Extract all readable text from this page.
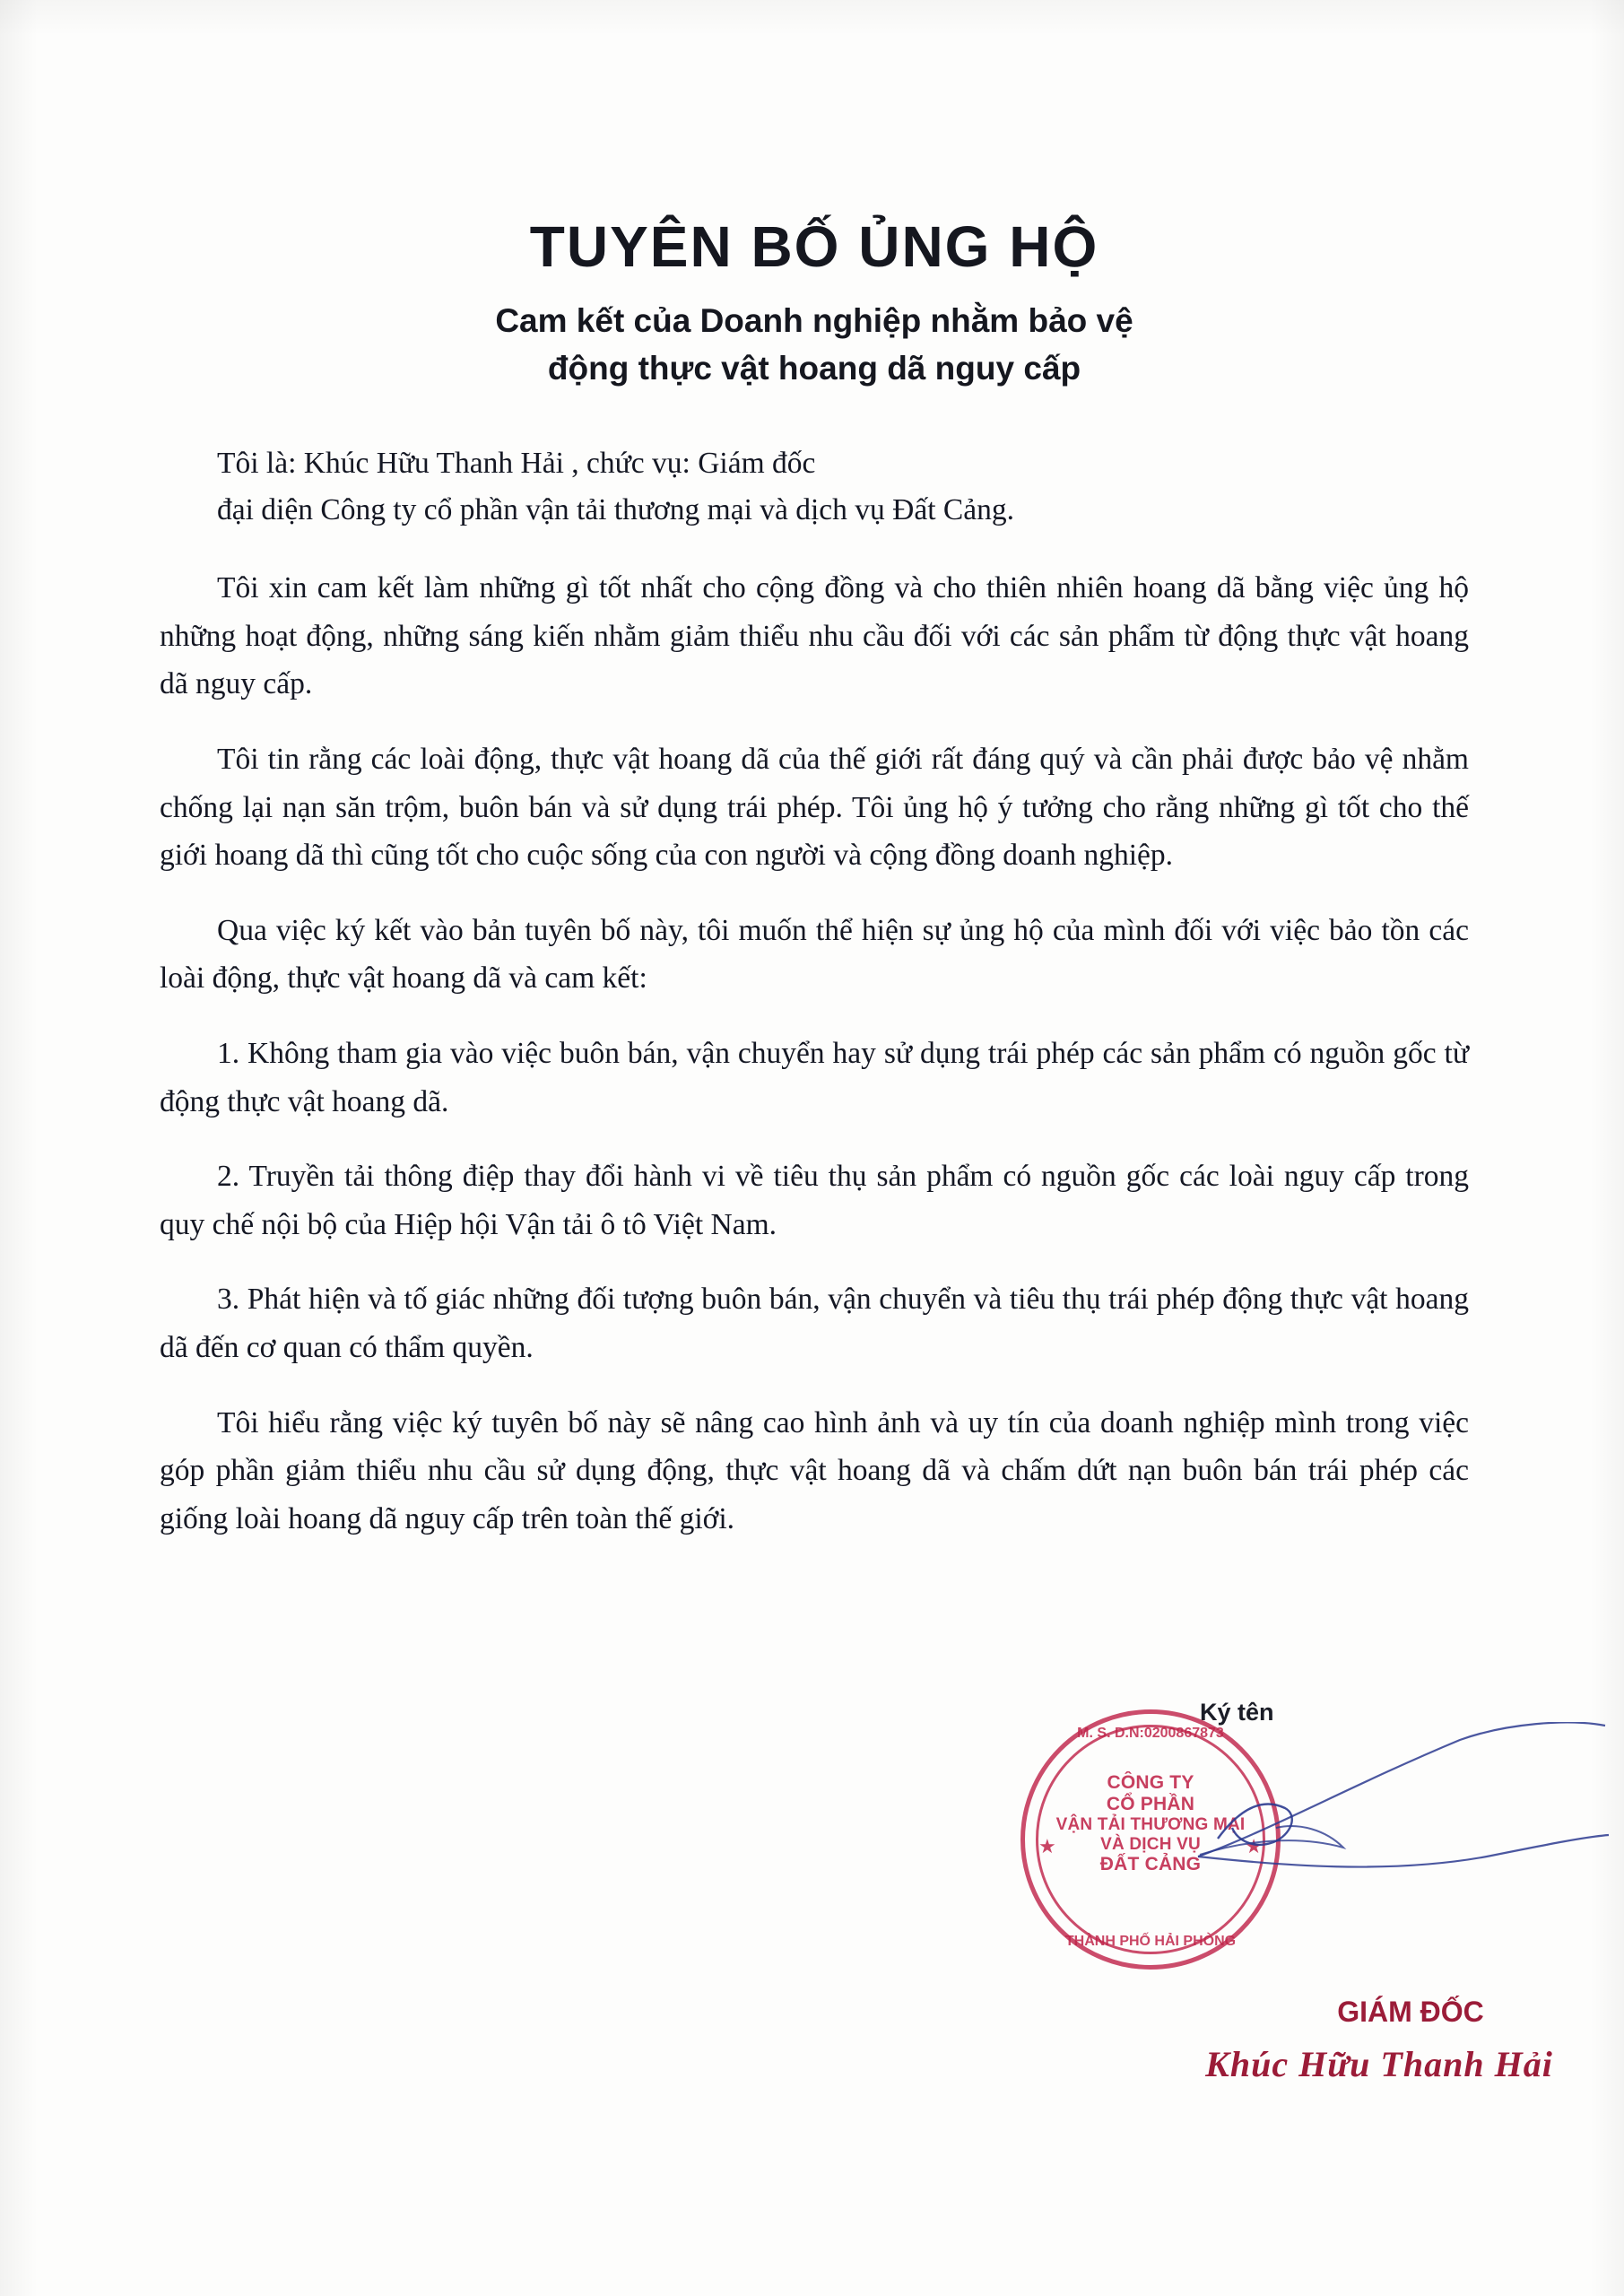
TUYÊN BỐ ỦNG HỘ
Cam kết của Doanh nghiệp nhằm bảo vệ
động thực vật hoang dã nguy cấp

Tôi là: Khúc Hữu Thanh Hải , chức vụ: Giám đốc

đại diện Công ty cổ phần vận tải thương mại và dịch vụ Đất Cảng.

Tôi xin cam kết làm những gì tốt nhất cho cộng đồng và cho thiên nhiên hoang dã bằng việc ủng hộ những hoạt động, những sáng kiến nhằm giảm thiểu nhu cầu đối với các sản phẩm từ động thực vật hoang dã nguy cấp.

Tôi tin rằng các loài động, thực vật hoang dã của thế giới rất đáng quý và cần phải được bảo vệ nhằm chống lại nạn săn trộm, buôn bán và sử dụng trái phép. Tôi ủng hộ ý tưởng cho rằng những gì tốt cho thế giới hoang dã thì cũng tốt cho cuộc sống của con người và cộng đồng doanh nghiệp.

Qua việc ký kết vào bản tuyên bố này, tôi muốn thể hiện sự ủng hộ của mình đối với việc bảo tồn các loài động, thực vật hoang dã và cam kết:

1. Không tham gia vào việc buôn bán, vận chuyển hay sử dụng trái phép các sản phẩm có nguồn gốc từ động thực vật hoang dã.

2. Truyền tải thông điệp thay đổi hành vi về tiêu thụ sản phẩm có nguồn gốc các loài nguy cấp trong quy chế nội bộ của Hiệp hội Vận tải ô tô Việt Nam.

3. Phát hiện và tố giác những đối tượng buôn bán, vận chuyển và tiêu thụ trái phép động thực vật hoang dã đến cơ quan có thẩm quyền.

Tôi hiểu rằng việc ký tuyên bố này sẽ nâng cao hình ảnh và uy tín của doanh nghiệp mình trong việc góp phần giảm thiểu nhu cầu sử dụng động, thực vật hoang dã và chấm dứt nạn buôn bán trái phép các giống loài hoang dã nguy cấp trên toàn thế giới.

Ký tên
M. S. D.N:0200867873
★	★
CÔNG TY
CỔ PHẦN
VẬN TẢI THƯƠNG MẠI
VÀ DỊCH VỤ
ĐẤT CẢNG
THÀNH PHỐ HẢI PHÒNG
GIÁM ĐỐC
Khúc Hữu Thanh Hải
